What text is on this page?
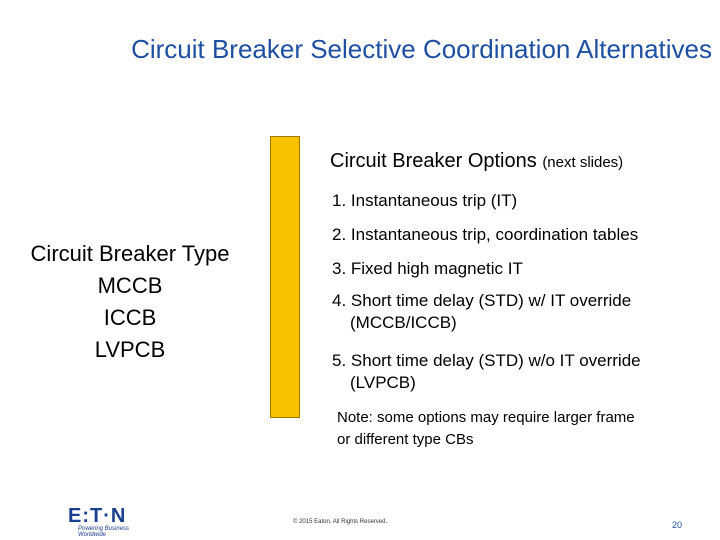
Circuit Breaker Selective Coordination Alternatives
Circuit Breaker Type
MCCB
ICCB
LVPCB
Circuit Breaker Options (next slides)
1. Instantaneous trip (IT)
2. Instantaneous trip, coordination tables
3. Fixed high magnetic IT
4. Short time delay (STD) w/ IT override
(MCCB/ICCB)
5. Short time delay (STD) w/o IT override
(LVPCB)
Note: some options may require larger frame
or different type CBs
E:T·N
Powering Business Worldwide
© 2015 Eaton. All Rights Reserved.	20
